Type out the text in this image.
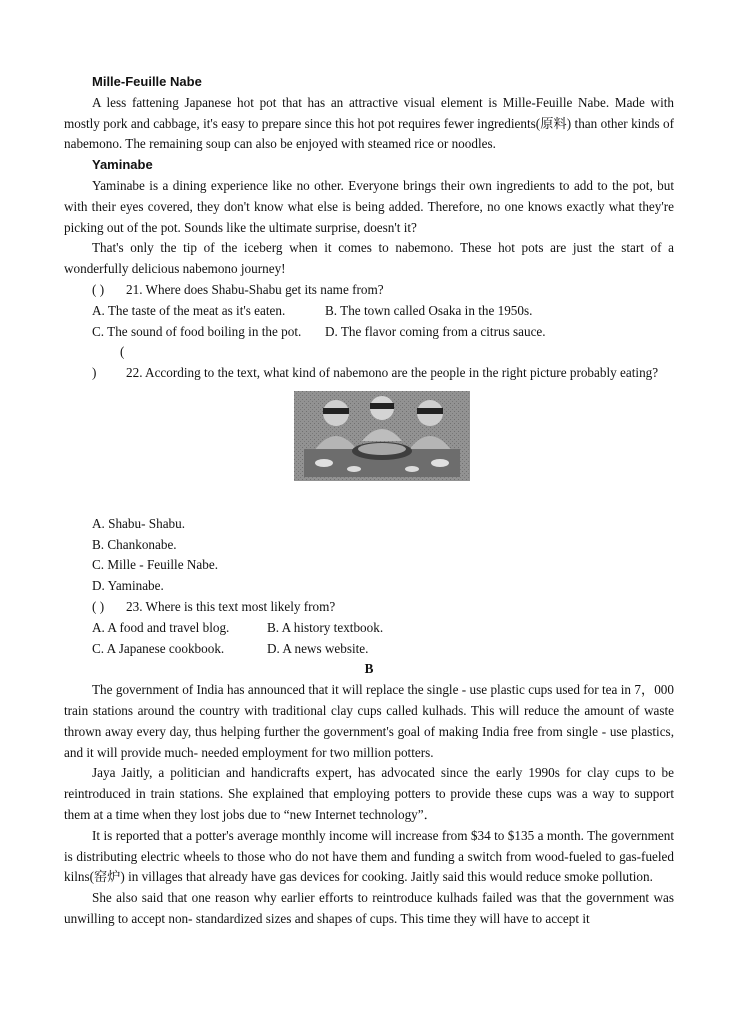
Mille-Feuille Nabe

A less fattening Japanese hot pot that has an attractive visual element is Mille-Feuille Nabe. Made with mostly pork and cabbage, it's easy to prepare since this hot pot requires fewer ingredients(原料) than other kinds of nabemono. The remaining soup can also be enjoyed with steamed rice or noodles.

Yaminabe

Yaminabe is a dining experience like no other. Everyone brings their own ingredients to add to the pot, but with their eyes covered, they don't know what else is being added. Therefore, no one knows exactly what they're picking out of the pot. Sounds like the ultimate surprise, doesn't it?

That's only the tip of the iceberg when it comes to nabemono. These hot pots are just the start of a wonderfully delicious nabemono journey!

( ) 21. Where does Shabu-Shabu get its name from?
A. The taste of the meat as it's eaten.	B. The town called Osaka in the 1950s.
C. The sound of food boiling in the pot. D. The flavor coming from a citrus sauce.

( ) 22. According to the text, what kind of nabemono are the people in the right picture probably eating?

A. Shabu- Shabu.
B. Chankonabe.
C. Mille - Feuille Nabe.
D. Yaminabe.
( ) 23. Where is this text most likely from?
A. A food and travel blog.	B. A history textbook.
C. A Japanese cookbook.	D. A news website.
B

The government of India has announced that it will replace the single - use plastic cups used for tea in 7，000 train stations around the country with traditional clay cups called kulhads. This will reduce the amount of waste thrown away every day, thus helping further the government's goal of making India free from single - use plastics, and it will provide much- needed employment for two million potters.

Jaya Jaitly, a politician and handicrafts expert, has advocated since the early 1990s for clay cups to be reintroduced in train stations. She explained that employing potters to provide these cups was a way to support them at a time when they lost jobs due to “new Internet technology”．

It is reported that a potter's average monthly income will increase from $34 to $135 a month. The government is distributing electric wheels to those who do not have them and funding a switch from wood-fueled to gas-fueled kilns(窑炉) in villages that already have gas devices for cooking. Jaitly said this would reduce smoke pollution.

She also said that one reason why earlier efforts to reintroduce kulhads failed was that the government was unwilling to accept non- standardized sizes and shapes of cups. This time they will have to accept it
